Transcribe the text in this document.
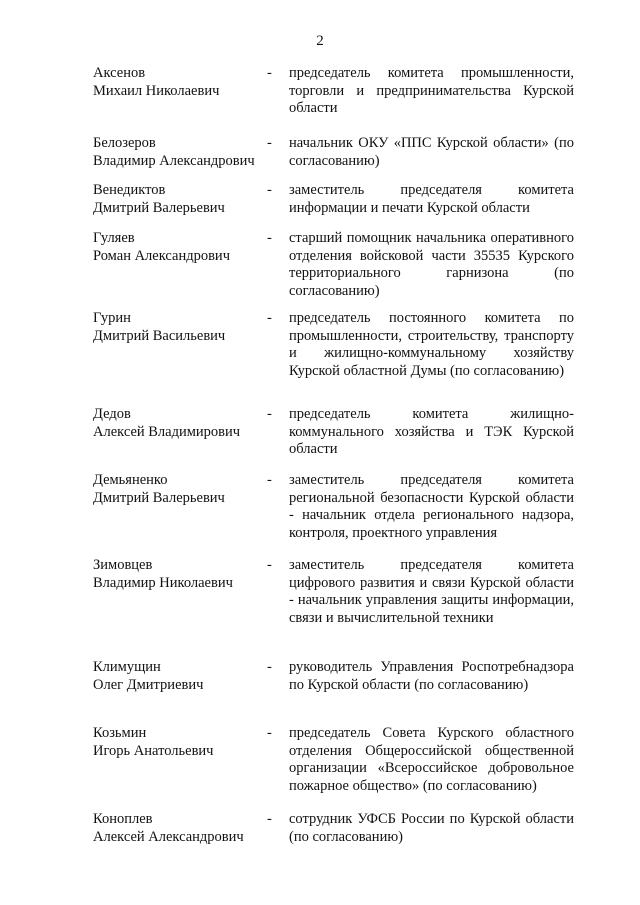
2
Аксенов
Михаил Николаевич
-	председатель комитета промышленности, торговли и предпринимательства Курской области
Белозеров
Владимир Александрович
-	начальник ОКУ «ППС Курской области» (по согласованию)
Венедиктов
Дмитрий Валерьевич
-	заместитель председателя комитета информации и печати Курской области
Гуляев
Роман Александрович
-	старший помощник начальника оперативного отделения войсковой части 35535 Курского территориального гарнизона (по согласованию)
Гурин
Дмитрий Васильевич
-	председатель постоянного комитета по промышленности, строительству, транспорту и жилищно-коммунальному хозяйству Курской областной Думы (по согласованию)
Дедов
Алексей Владимирович
-	председатель комитета жилищно-коммунального хозяйства и ТЭК Курской области
Демьяненко
Дмитрий Валерьевич
-	заместитель председателя комитета региональной безопасности Курской области - начальник отдела регионального надзора, контроля, проектного управления
Зимовцев
Владимир Николаевич
-	заместитель председателя комитета цифрового развития и связи Курской области - начальник управления защиты информации, связи и вычислительной техники
Климущин
Олег Дмитриевич
-	руководитель Управления Роспотребнадзора по Курской области (по согласованию)
Козьмин
Игорь Анатольевич
-	председатель Совета Курского областного отделения Общероссийской общественной организации «Всероссийское добровольное пожарное общество» (по согласованию)
Коноплев
Алексей Александрович
-	сотрудник УФСБ России по Курской области (по согласованию)
